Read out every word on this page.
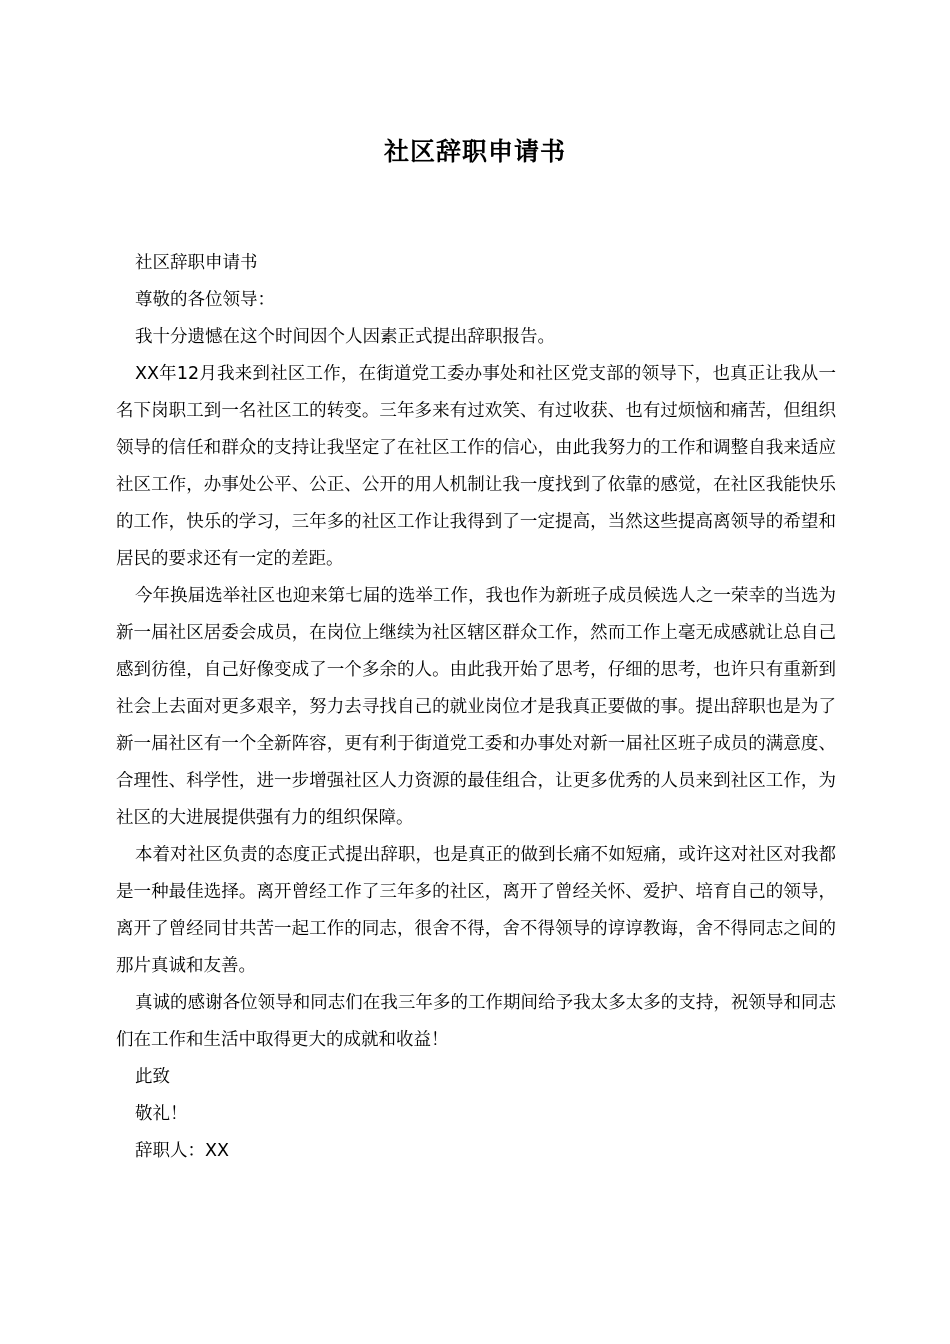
社区辞职申请书

社区辞职申请书

尊敬的各位领导：

我十分遗憾在这个时间因个人因素正式提出辞职报告。

XX年12月我来到社区工作，在街道党工委办事处和社区党支部的领导下，也真正让我从一名下岗职工到一名社区工的转变。三年多来有过欢笑、有过收获、也有过烦恼和痛苦，但组织领导的信任和群众的支持让我坚定了在社区工作的信心，由此我努力的工作和调整自我来适应社区工作，办事处公平、公正、公开的用人机制让我一度找到了依靠的感觉，在社区我能快乐的工作，快乐的学习，三年多的社区工作让我得到了一定提高，当然这些提高离领导的希望和居民的要求还有一定的差距。

今年换届选举社区也迎来第七届的选举工作，我也作为新班子成员候选人之一荣幸的当选为新一届社区居委会成员，在岗位上继续为社区辖区群众工作，然而工作上毫无成感就让总自己感到彷徨，自己好像变成了一个多余的人。由此我开始了思考，仔细的思考，也许只有重新到社会上去面对更多艰辛，努力去寻找自己的就业岗位才是我真正要做的事。提出辞职也是为了新一届社区有一个全新阵容，更有利于街道党工委和办事处对新一届社区班子成员的满意度、合理性、科学性，进一步增强社区人力资源的最佳组合，让更多优秀的人员来到社区工作，为社区的大进展提供强有力的组织保障。

本着对社区负责的态度正式提出辞职，也是真正的做到长痛不如短痛，或许这对社区对我都是一种最佳选择。离开曾经工作了三年多的社区，离开了曾经关怀、爱护、培育自己的领导，离开了曾经同甘共苦一起工作的同志，很舍不得，舍不得领导的谆谆教诲，舍不得同志之间的那片真诚和友善。

真诚的感谢各位领导和同志们在我三年多的工作期间给予我太多太多的支持，祝领导和同志们在工作和生活中取得更大的成就和收益！

此致

敬礼！

辞职人：XX
